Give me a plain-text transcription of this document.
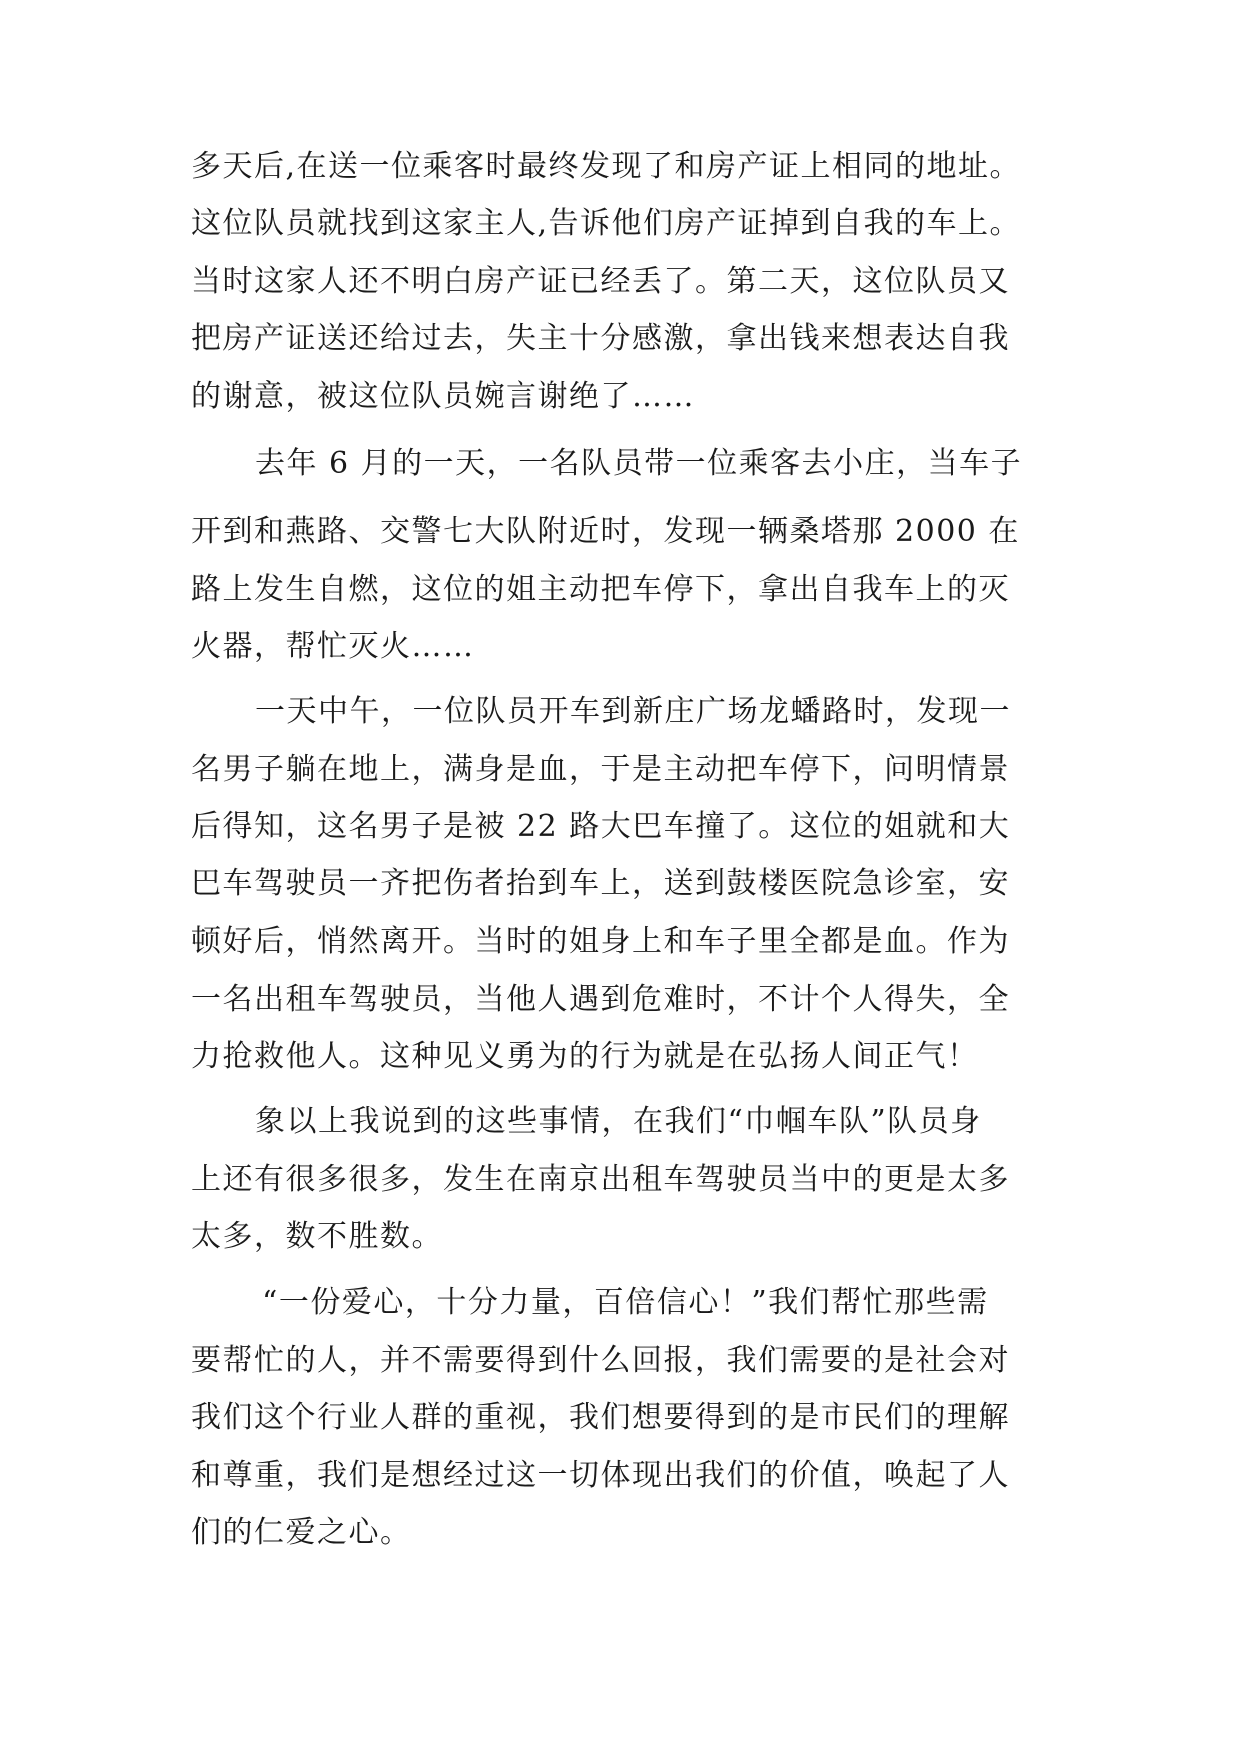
多天后,在送一位乘客时最终发现了和房产证上相同的地址。
这位队员就找到这家主人,告诉他们房产证掉到自我的车上。
当时这家人还不明白房产证已经丢了。第二天，这位队员又
把房产证送还给过去，失主十分感激，拿出钱来想表达自我
的谢意，被这位队员婉言谢绝了……
去年 6 月的一天，一名队员带一位乘客去小庄，当车子
开到和燕路、交警七大队附近时，发现一辆桑塔那 2000 在
路上发生自燃，这位的姐主动把车停下，拿出自我车上的灭
火器，帮忙灭火……
一天中午，一位队员开车到新庄广场龙蟠路时，发现一
名男子躺在地上，满身是血，于是主动把车停下，问明情景
后得知，这名男子是被 22 路大巴车撞了。这位的姐就和大
巴车驾驶员一齐把伤者抬到车上，送到鼓楼医院急诊室，安
顿好后，悄然离开。当时的姐身上和车子里全都是血。作为
一名出租车驾驶员，当他人遇到危难时，不计个人得失，全
力抢救他人。这种见义勇为的行为就是在弘扬人间正气！
象以上我说到的这些事情，在我们“巾帼车队”队员身
上还有很多很多，发生在南京出租车驾驶员当中的更是太多
太多，数不胜数。
“一份爱心，十分力量，百倍信心！”我们帮忙那些需
要帮忙的人，并不需要得到什么回报，我们需要的是社会对
我们这个行业人群的重视，我们想要得到的是市民们的理解
和尊重，我们是想经过这一切体现出我们的价值，唤起了人
们的仁爱之心。
